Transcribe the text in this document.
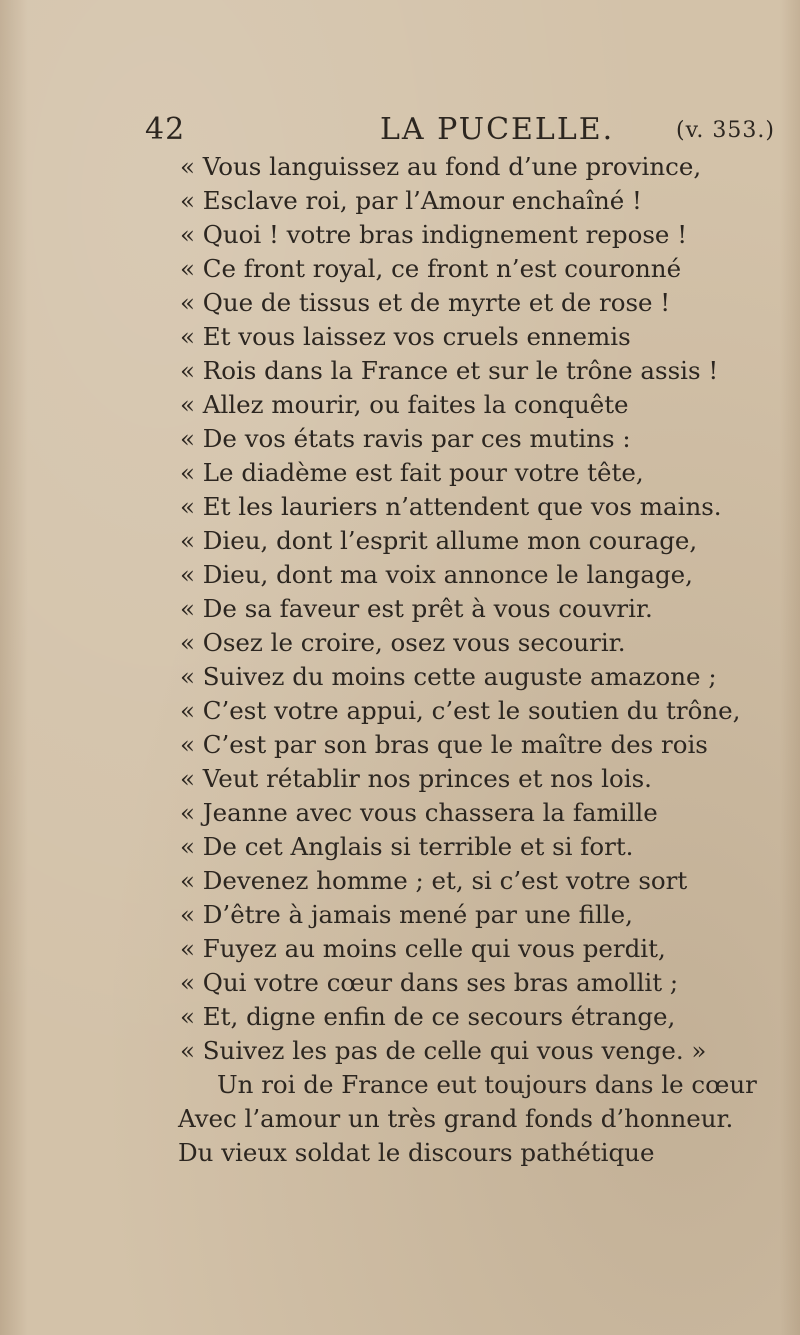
42	LA PUCELLE.	(v. 353.)
« Vous languissez au fond d’une province,
« Esclave roi, par l’Amour enchaîné !
« Quoi ! votre bras indignement repose !
« Ce front royal, ce front n’est couronné
« Que de tissus et de myrte et de rose !
« Et vous laissez vos cruels ennemis
« Rois dans la France et sur le trône assis !
« Allez mourir, ou faites la conquête
« De vos états ravis par ces mutins :
« Le diadème est fait pour votre tête,
« Et les lauriers n’attendent que vos mains.
« Dieu, dont l’esprit allume mon courage,
« Dieu, dont ma voix annonce le langage,
« De sa faveur est prêt à vous couvrir.
« Osez le croire, osez vous secourir.
« Suivez du moins cette auguste amazone ;
« C’est votre appui, c’est le soutien du trône,
« C’est par son bras que le maître des rois
« Veut rétablir nos princes et nos lois.
« Jeanne avec vous chassera la famille
« De cet Anglais si terrible et si fort.
« Devenez homme ; et, si c’est votre sort
« D’être à jamais mené par une fille,
« Fuyez au moins celle qui vous perdit,
« Qui votre cœur dans ses bras amollit ;
« Et, digne enfin de ce secours étrange,
« Suivez les pas de celle qui vous venge. »
Un roi de France eut toujours dans le cœur
Avec l’amour un très grand fonds d’honneur.
Du vieux soldat le discours pathétique
